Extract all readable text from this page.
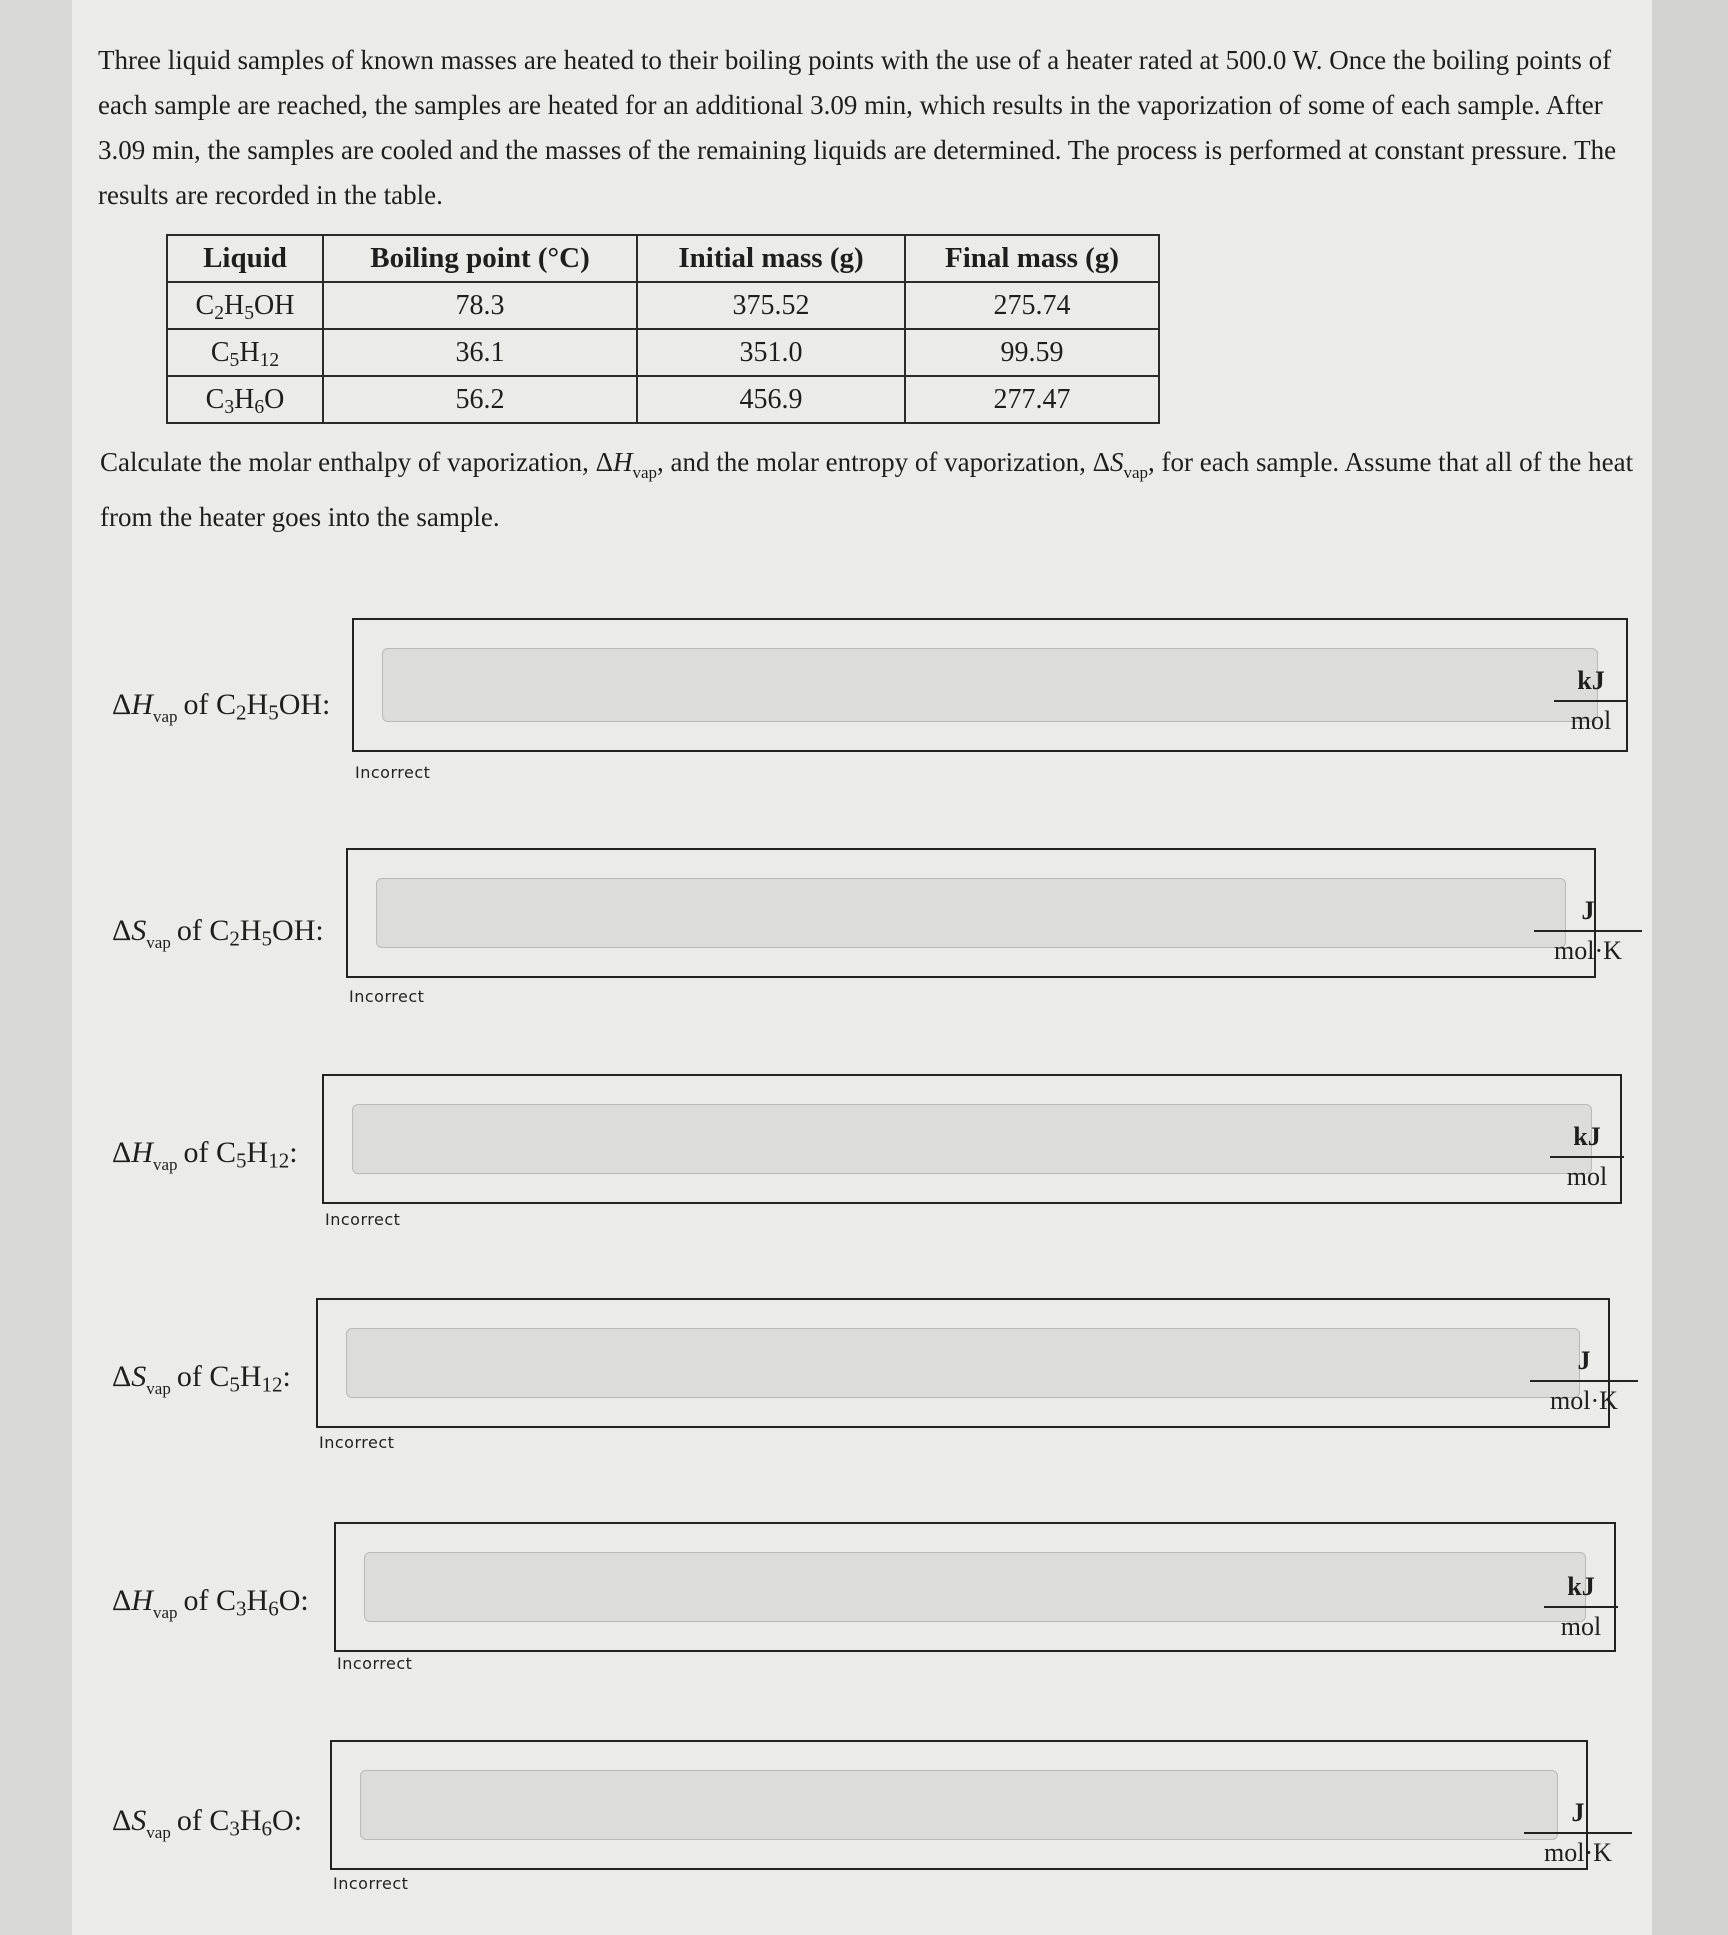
Three liquid samples of known masses are heated to their boiling points with the use of a heater rated at 500.0 W. Once the boiling points of each sample are reached, the samples are heated for an additional 3.09 min, which results in the vaporization of some of each sample. After 3.09 min, the samples are cooled and the masses of the remaining liquids are determined. The process is performed at constant pressure. The results are recorded in the table.
Liquid	Boiling point (°C)	Initial mass (g)	Final mass (g)
$C_2H_5OH$	78.3	375.52	275.74
$C_5H_{12}$	36.1	351.0	99.59
$C_3H_6O$	56.2	456.9	277.47
Calculate the molar enthalpy of vaporization, $\Delta H_{vap}$, and the molar entropy of vaporization, $\Delta S_{vap}$, for each sample. Assume that all of the heat from the heater goes into the sample.
$\Delta H_{vap}$ of $C_2H_5OH$:
Incorrect
kJ
mol
$\Delta S_{vap}$ of $C_2H_5OH$:
Incorrect
J
mol·K
$\Delta H_{vap}$ of $C_5H_{12}$:
Incorrect
kJ
mol
$\Delta S_{vap}$ of $C_5H_{12}$:
Incorrect
J
mol·K
$\Delta H_{vap}$ of $C_3H_6O$:
Incorrect
kJ
mol
$\Delta S_{vap}$ of $C_3H_6O$:
Incorrect
J
mol·K
